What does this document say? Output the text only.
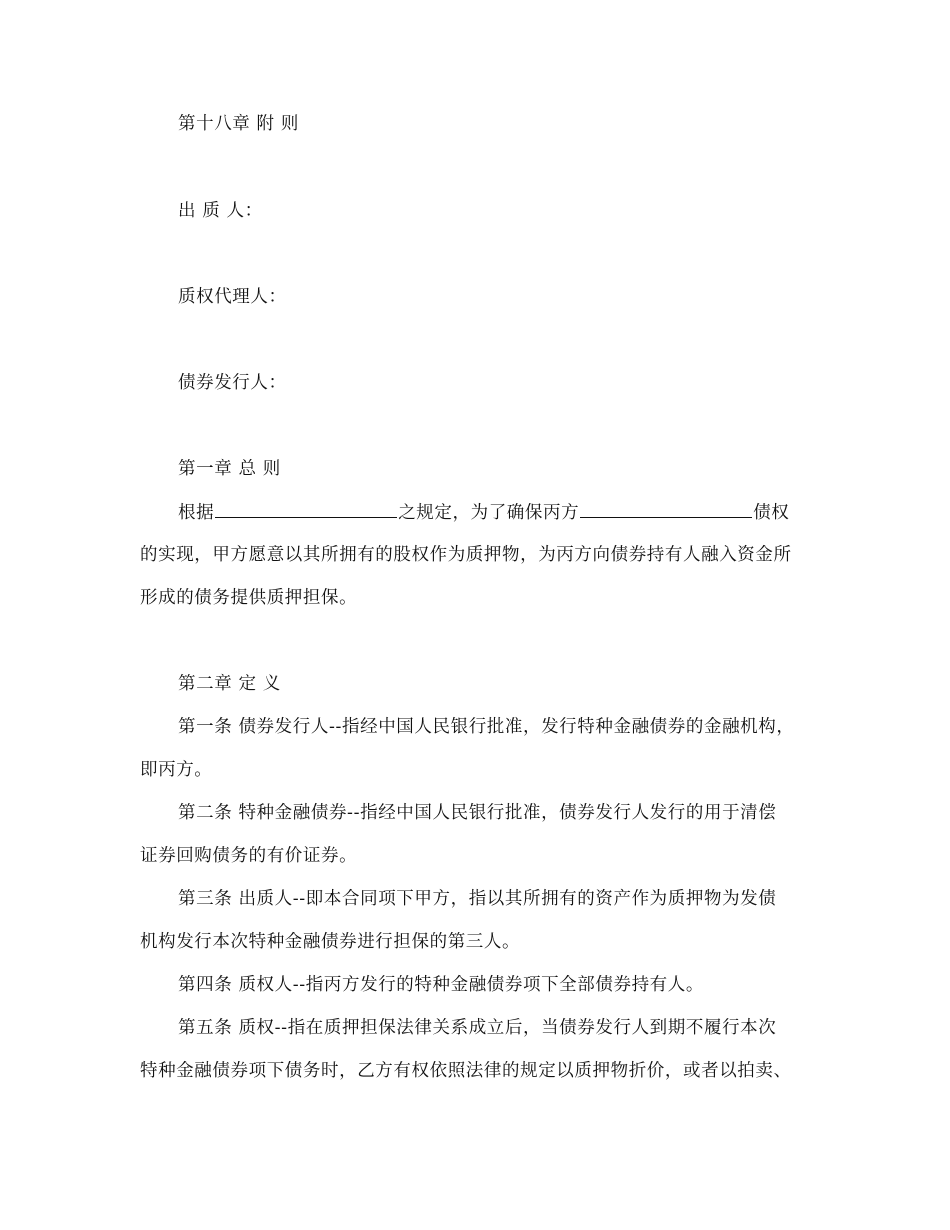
第十八章 附 则
出 质 人：
质权代理人：
债券发行人：
第一章 总 则
根据	之规定，为了确保丙方	债权
的实现，甲方愿意以其所拥有的股权作为质押物，为丙方向债券持有人融入资金所
形成的债务提供质押担保。
第二章 定 义
第一条 债券发行人--指经中国人民银行批准，发行特种金融债券的金融机构，
即丙方。
第二条 特种金融债券--指经中国人民银行批准，债券发行人发行的用于清偿
证券回购债务的有价证券。
第三条 出质人--即本合同项下甲方，指以其所拥有的资产作为质押物为发债
机构发行本次特种金融债券进行担保的第三人。
第四条 质权人--指丙方发行的特种金融债券项下全部债券持有人。
第五条 质权--指在质押担保法律关系成立后，当债券发行人到期不履行本次
特种金融债券项下债务时，乙方有权依照法律的规定以质押物折价，或者以拍卖、
